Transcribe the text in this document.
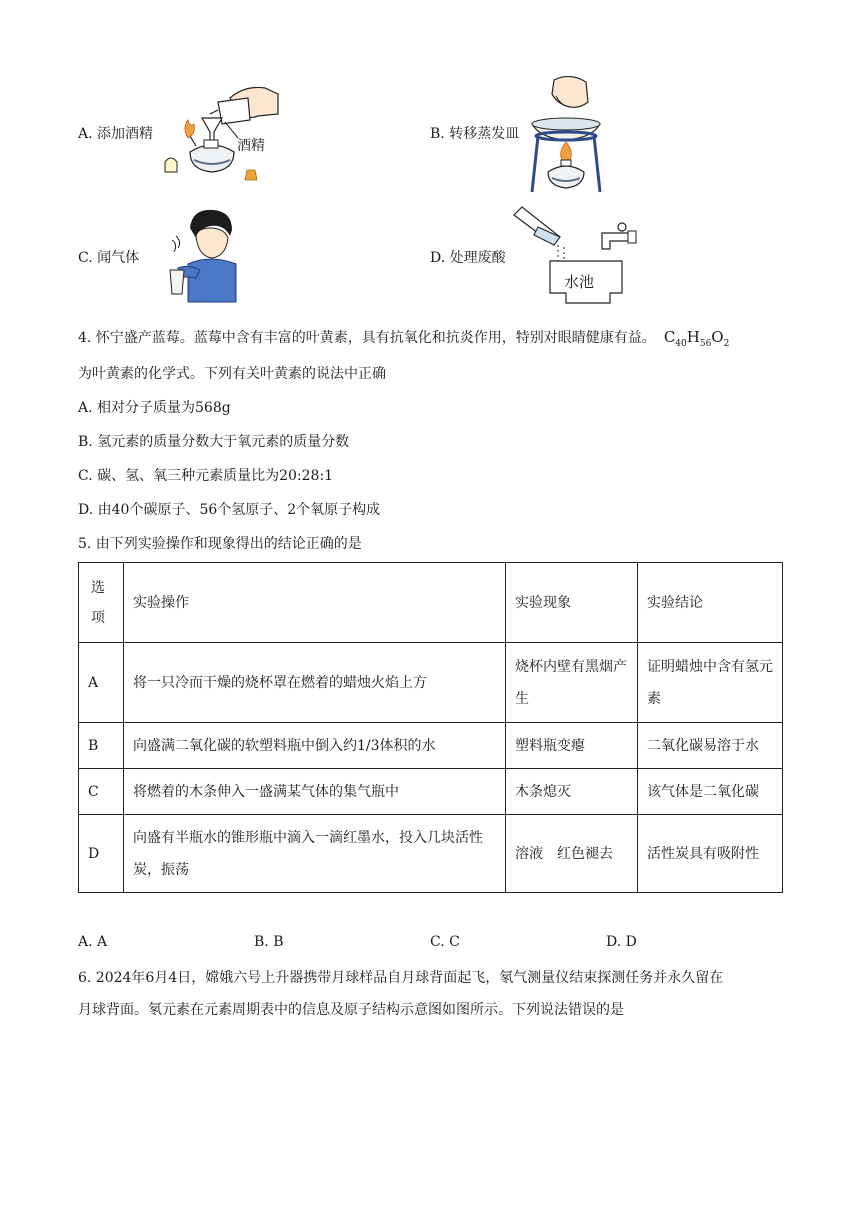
A. 添加酒精
酒精
B. 转移蒸发皿
C. 闻气体	D. 处理废酸
水池
4. 怀宁盛产蓝莓。蓝莓中含有丰富的叶黄素，具有抗氧化和抗炎作用，特别对眼睛健康有益。 $C_{40}H_{56}O_2$
为叶黄素的化学式。下列有关叶黄素的说法中正确
A. 相对分子质量为568g
B. 氢元素的质量分数大于氧元素的质量分数
C. 碳、氢、氧三种元素质量比为20:28:1
D. 由40个碳原子、56个氢原子、2个氧原子构成
5. 由下列实验操作和现象得出的结论正确的是
选项	实验操作	实验现象	实验结论
A	将一只冷而干燥的烧杯罩在燃着的蜡烛火焰上方	烧杯内壁有黑烟产生	证明蜡烛中含有氢元素
B	向盛满二氧化碳的软塑料瓶中倒入约1/3体积的水	塑料瓶变瘪	二氧化碳易溶于水
C	将燃着的木条伸入一盛满某气体的集气瓶中	木条熄灭	该气体是二氧化碳
D	向盛有半瓶水的锥形瓶中滴入一滴红墨水，投入几块活性炭，振荡	溶液　红色褪去	活性炭具有吸附性
A. A	B. B	C. C	D. D
6. 2024年6月4日，嫦娥六号上升器携带月球样品自月球背面起飞，氡气测量仪结束探测任务并永久留在
月球背面。氡元素在元素周期表中的信息及原子结构示意图如图所示。下列说法错误的是
